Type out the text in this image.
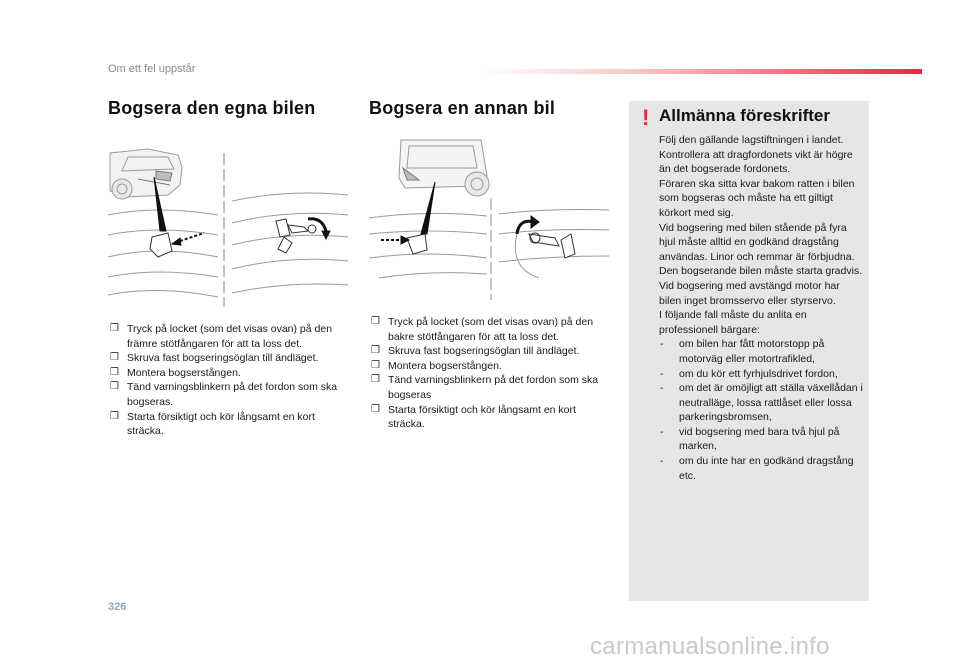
Om ett fel uppstår
Bogsera den egna bilen
❒ Tryck på locket (som det visas ovan) på den främre stötfångaren för att ta loss det.
❒ Skruva fast bogseringsöglan till ändläget.
❒ Montera bogserstången.
❒ Tänd varningsblinkern på det fordon som ska bogseras.
❒ Starta försiktigt och kör långsamt en kort sträcka.
Bogsera en annan bil
❒ Tryck på locket (som det visas ovan) på den bakre stötfångaren för att ta loss det.
❒ Skruva fast bogseringsöglan till ändläget.
❒ Montera bogserstången.
❒ Tänd varningsblinkern på det fordon som ska bogseras
❒ Starta försiktigt och kör långsamt en kort sträcka.
! Allmänna föreskrifter

Följ den gällande lagstiftningen i landet.

Kontrollera att dragfordonets vikt är högre än det bogserade fordonets.

Föraren ska sitta kvar bakom ratten i bilen som bogseras och måste ha ett giltigt körkort med sig.

Vid bogsering med bilen stående på fyra hjul måste alltid en godkänd dragstång användas. Linor och remmar är förbjudna.

Den bogserande bilen måste starta gradvis.

Vid bogsering med avstängd motor har bilen inget bromsservo eller styrservo.

I följande fall måste du anlita en professionell bärgare:

- om bilen har fått motorstopp på motorväg eller motortrafikled,
- om du kör ett fyrhjulsdrivet fordon,
- om det är omöjligt att ställa växellådan i neutralläge, lossa rattlåset eller lossa parkeringsbromsen,
- vid bogsering med bara två hjul på marken,
- om du inte har en godkänd dragstång etc.
326
carmanualsonline.info
